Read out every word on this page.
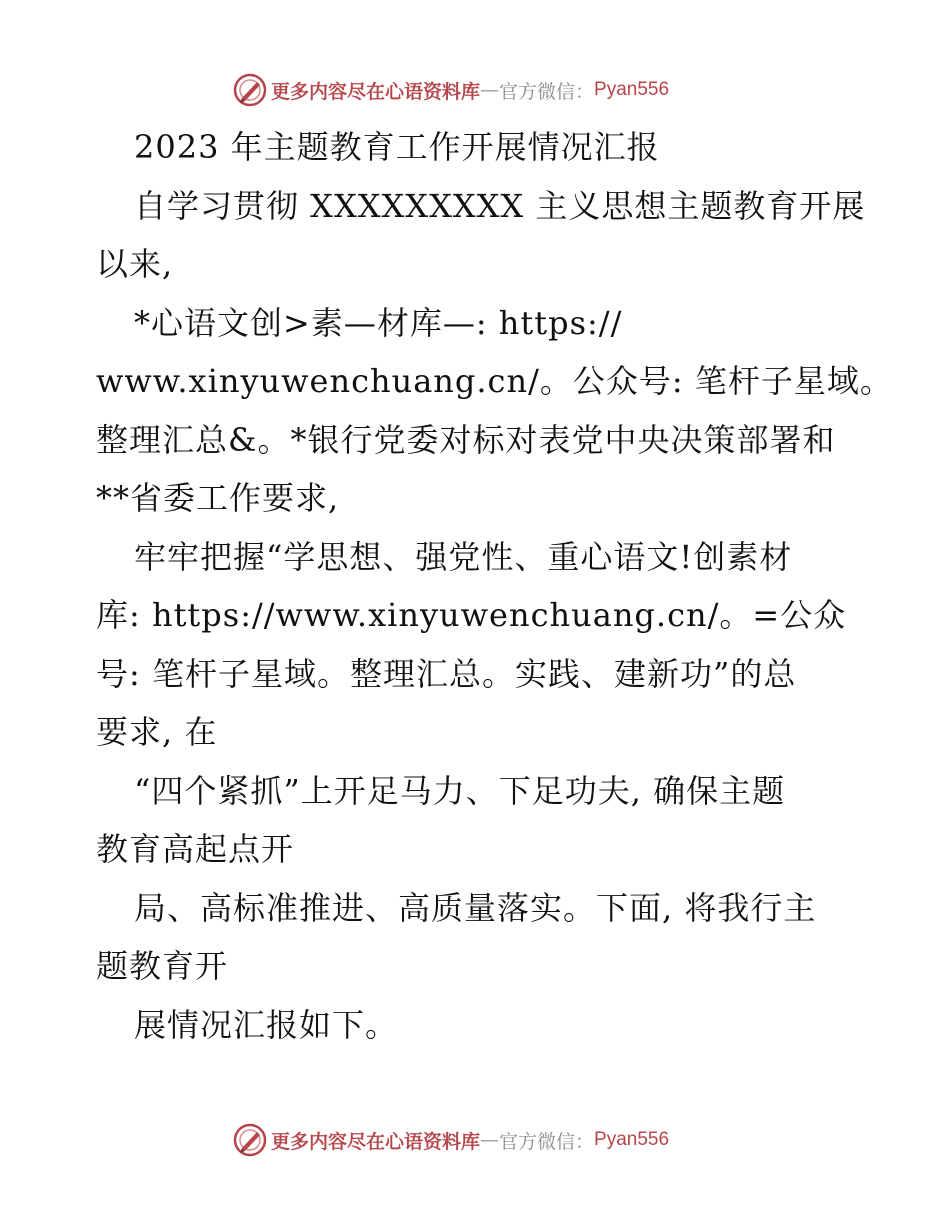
更多内容尽在心语资料库 — 官方微信： Pyan556
2023 年主题教育工作开展情况汇报
自学习贯彻 XXXXXXXXX 主义思想主题教育开展
以来,
*心语文创>素—材库—: https://
www.xinyuwenchuang.cn/。公众号: 笔杆子星域。
整理汇总&。*银行党委对标对表党中央决策部署和
**省委工作要求,
牢牢把握“学思想、强党性、重心语文!创素材
库: https://www.xinyuwenchuang.cn/。=公众
号: 笔杆子星域。整理汇总。实践、建新功”的总
要求, 在
“四个紧抓”上开足马力、下足功夫, 确保主题
教育高起点开
局、高标准推进、高质量落实。下面, 将我行主
题教育开
展情况汇报如下。
更多内容尽在心语资料库 — 官方微信： Pyan556
